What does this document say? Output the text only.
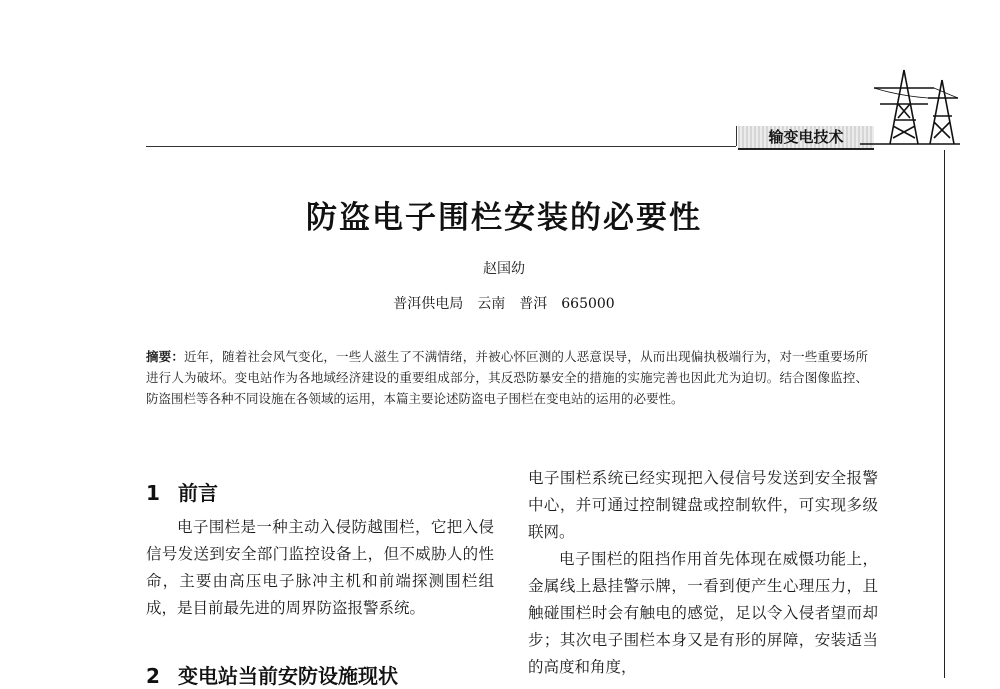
输变电技术
防盗电子围栏安装的必要性
赵国幼
普洱供电局　云南　普洱　665000
摘要：近年，随着社会风气变化，一些人滋生了不满情绪，并被心怀叵测的人恶意误导，从而出现偏执极端行为，对一些重要场所进行人为破坏。变电站作为各地域经济建设的重要组成部分，其反恐防暴安全的措施的实施完善也因此尤为迫切。结合图像监控、防盗围栏等各种不同设施在各领域的运用，本篇主要论述防盗电子围栏在变电站的运用的必要性。
1 前言

电子围栏是一种主动入侵防越围栏，它把入侵信号发送到安全部门监控设备上，但不威胁人的性命，主要由高压电子脉冲主机和前端探测围栏组成，是目前最先进的周界防盗报警系统。

2 变电站当前安防设施现状

电子围栏系统已经实现把入侵信号发送到安全报警中心，并可通过控制键盘或控制软件，可实现多级联网。

电子围栏的阻挡作用首先体现在威慑功能上，金属线上悬挂警示牌，一看到便产生心理压力，且触碰围栏时会有触电的感觉，足以令入侵者望而却步；其次电子围栏本身又是有形的屏障，安装适当的高度和角度，
